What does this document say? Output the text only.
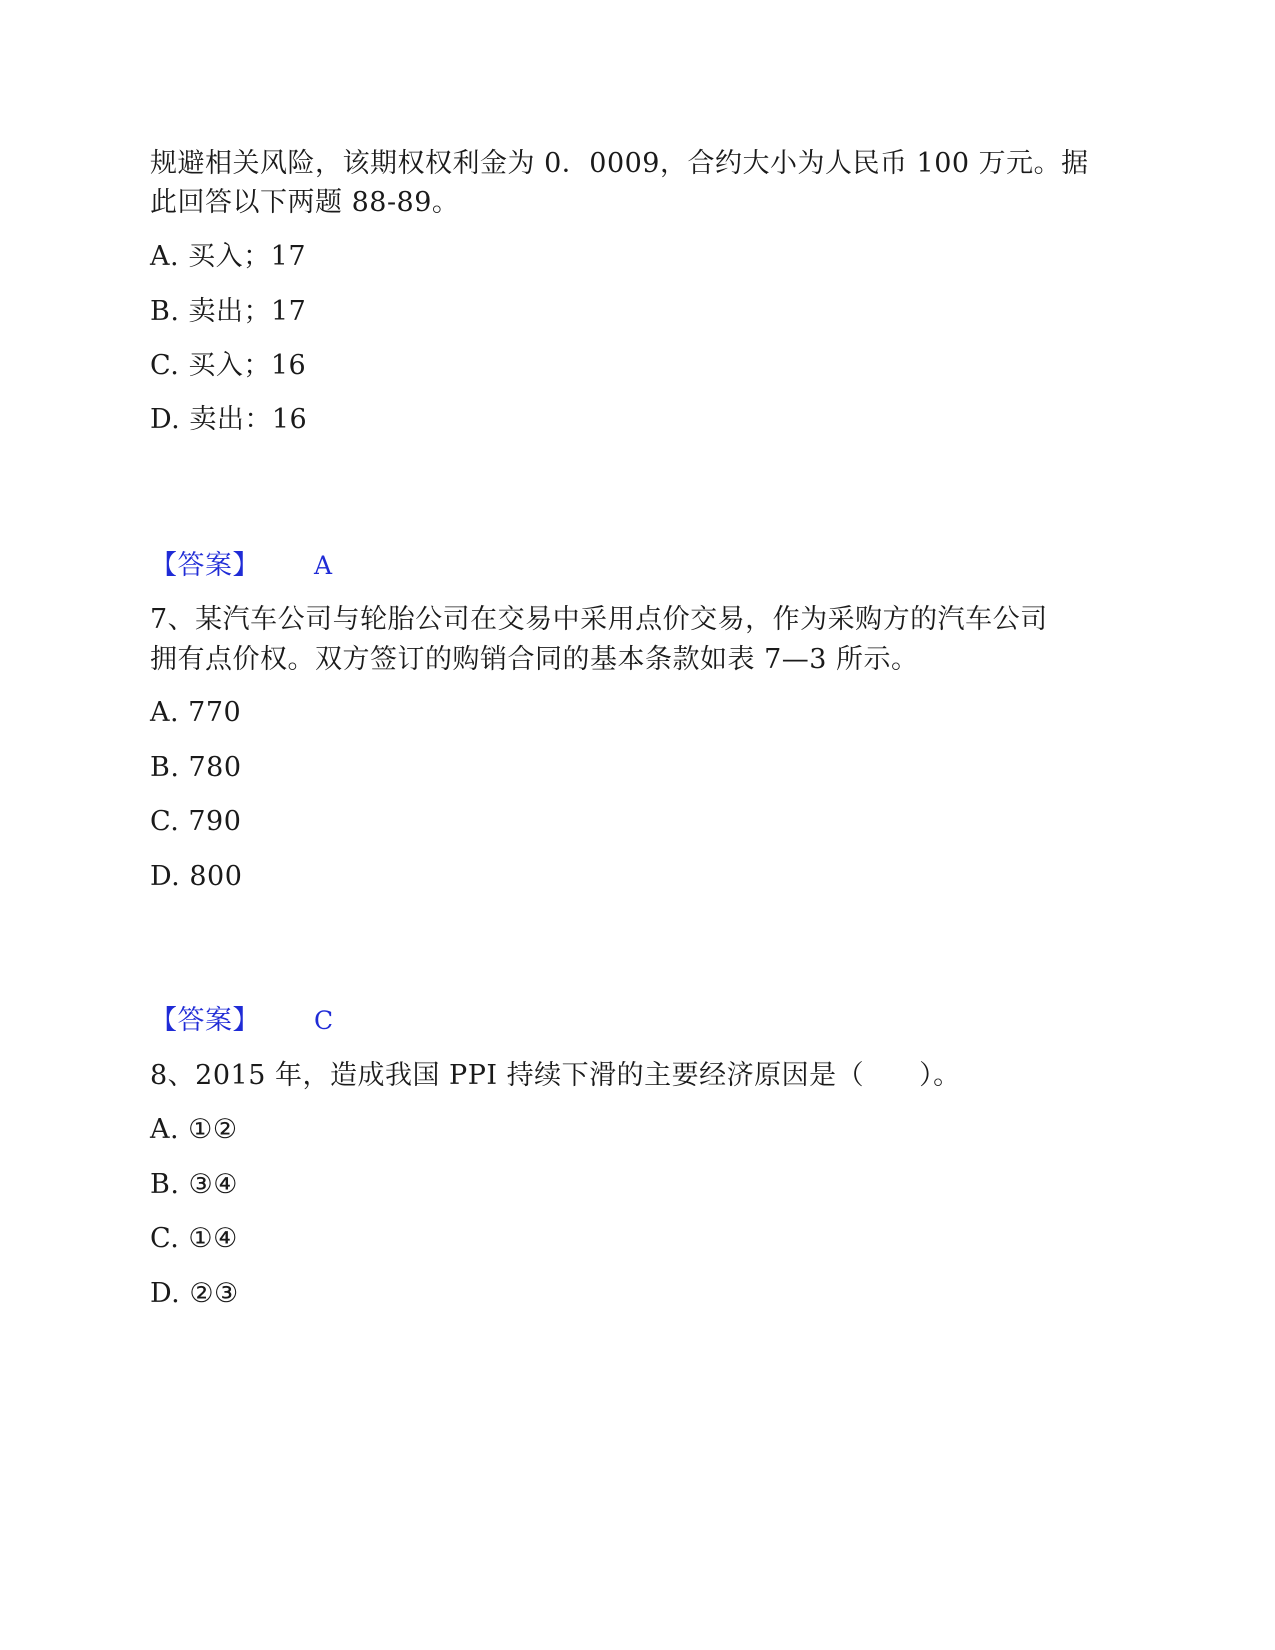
规避相关风险，该期权权利金为 0．0009，合约大小为人民币 100 万元。据
此回答以下两题 88-89。
A. 买入；17
B. 卖出；17
C. 买入；16
D. 卖出：16
【答案】 A
7、某汽车公司与轮胎公司在交易中采用点价交易，作为采购方的汽车公司
拥有点价权。双方签订的购销合同的基本条款如表 7—3 所示。
A. 770
B. 780
C. 790
D. 800
【答案】 C
8、2015 年，造成我国 PPI 持续下滑的主要经济原因是（　　）。
A. ①②
B. ③④
C. ①④
D. ②③
